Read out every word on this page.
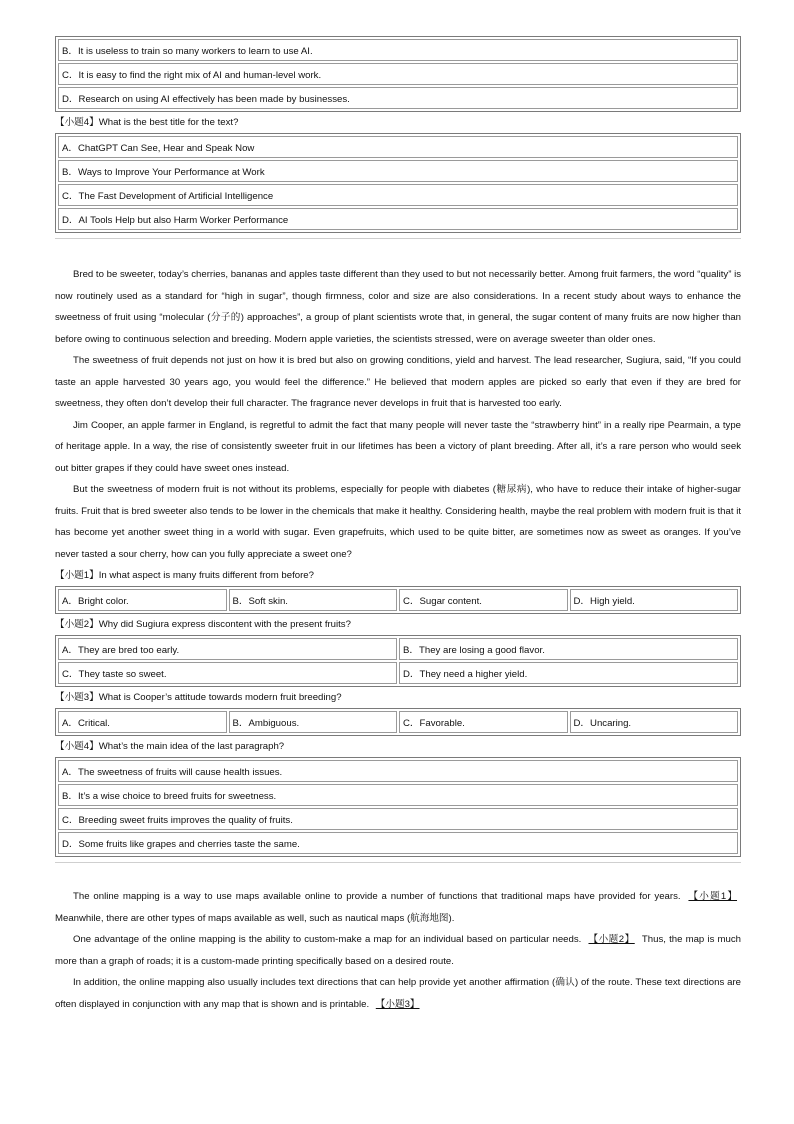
B．It is useless to train so many workers to learn to use AI.
C．It is easy to find the right mix of AI and human-level work.
D．Research on using AI effectively has been made by businesses.
【小题4】What is the best title for the text?
A．ChatGPT Can See, Hear and Speak Now
B．Ways to Improve Your Performance at Work
C．The Fast Development of Artificial Intelligence
D．AI Tools Help but also Harm Worker Performance

Bred to be sweeter, today’s cherries, bananas and apples taste different than they used to but not necessarily better. Among fruit farmers, the word “quality” is now routinely used as a standard for “high in sugar”, though firmness, color and size are also considerations. In a recent study about ways to enhance the sweetness of fruit using “molecular (分子的) approaches”, a group of plant scientists wrote that, in general, the sugar content of many fruits are now higher than before owing to continuous selection and breeding. Modern apple varieties, the scientists stressed, were on average sweeter than older ones.

The sweetness of fruit depends not just on how it is bred but also on growing conditions, yield and harvest. The lead researcher, Sugiura, said, “If you could taste an apple harvested 30 years ago, you would feel the difference.” He believed that modern apples are picked so early that even if they are bred for sweetness, they often don’t develop their full character. The fragrance never develops in fruit that is harvested too early.

Jim Cooper, an apple farmer in England, is regretful to admit the fact that many people will never taste the “strawberry hint” in a really ripe Pearmain, a type of heritage apple. In a way, the rise of consistently sweeter fruit in our lifetimes has been a victory of plant breeding. After all, it’s a rare person who would seek out bitter grapes if they could have sweet ones instead.

But the sweetness of modern fruit is not without its problems, especially for people with diabetes (糖尿病), who have to reduce their intake of higher-sugar fruits. Fruit that is bred sweeter also tends to be lower in the chemicals that make it healthy. Considering health, maybe the real problem with modern fruit is that it has become yet another sweet thing in a world with sugar. Even grapefruits, which used to be quite bitter, are sometimes now as sweet as oranges. If you’ve never tasted a sour cherry, how can you fully appreciate a sweet one?

【小题1】In what aspect is many fruits different from before?
A．Bright color.	B．Soft skin.	C．Sugar content.	D．High yield.
【小题2】Why did Sugiura express discontent with the present fruits?
A．They are bred too early.	B．They are losing a good flavor.
C．They taste so sweet.	D．They need a higher yield.
【小题3】What is Cooper’s attitude towards modern fruit breeding?
A．Critical.	B．Ambiguous.	C．Favorable.	D．Uncaring.
【小题4】What’s the main idea of the last paragraph?
A．The sweetness of fruits will cause health issues.
B．It’s a wise choice to breed fruits for sweetness.
C．Breeding sweet fruits improves the quality of fruits.
D．Some fruits like grapes and cherries taste the same.

The online mapping is a way to use maps available online to provide a number of functions that traditional maps have provided for years. 【小题1】 Meanwhile, there are other types of maps available as well, such as nautical maps (航海地图).

One advantage of the online mapping is the ability to custom-make a map for an individual based on particular needs. 【小题2】 Thus, the map is much more than a graph of roads; it is a custom-made printing specifically based on a desired route.

In addition, the online mapping also usually includes text directions that can help provide yet another affirmation (确认) of the route. These text directions are often displayed in conjunction with any map that is shown and is printable. 【小题3】
